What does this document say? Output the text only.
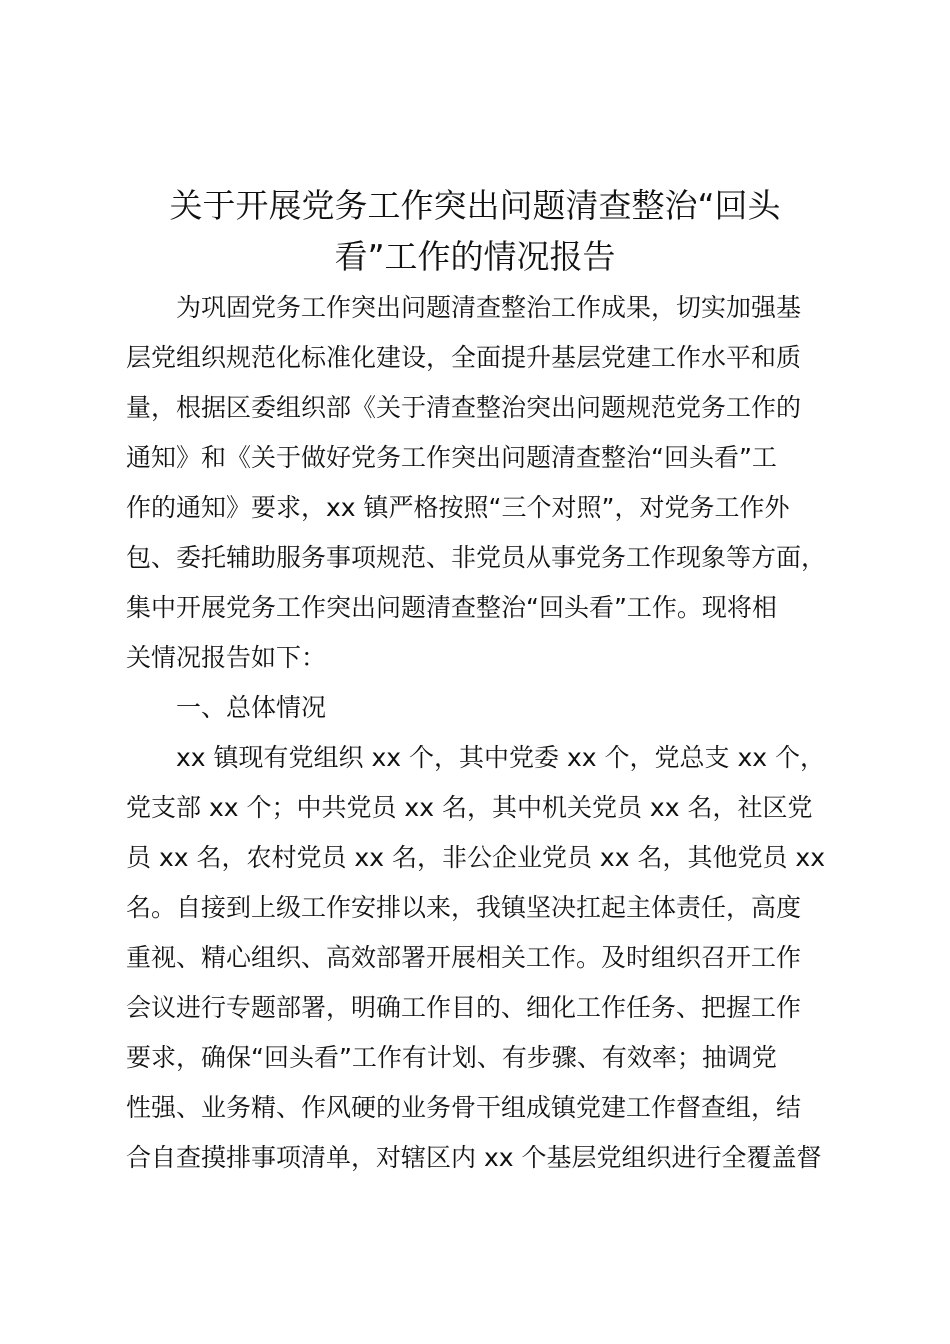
关于开展党务工作突出问题清查整治“回头
看”工作的情况报告
　　为巩固党务工作突出问题清查整治工作成果，切实加强基
层党组织规范化标准化建设，全面提升基层党建工作水平和质
量，根据区委组织部《关于清查整治突出问题规范党务工作的
通知》和《关于做好党务工作突出问题清查整治“回头看”工
作的通知》要求，xx 镇严格按照“三个对照”，对党务工作外
包、委托辅助服务事项规范、非党员从事党务工作现象等方面，
集中开展党务工作突出问题清查整治“回头看”工作。现将相
关情况报告如下：
　　一、总体情况
　　xx 镇现有党组织 xx 个，其中党委 xx 个，党总支 xx 个，
党支部 xx 个；中共党员 xx 名，其中机关党员 xx 名，社区党
员 xx 名，农村党员 xx 名，非公企业党员 xx 名，其他党员 xx
名。自接到上级工作安排以来，我镇坚决扛起主体责任，高度
重视、精心组织、高效部署开展相关工作。及时组织召开工作
会议进行专题部署，明确工作目的、细化工作任务、把握工作
要求，确保“回头看”工作有计划、有步骤、有效率；抽调党
性强、业务精、作风硬的业务骨干组成镇党建工作督查组，结
合自查摸排事项清单，对辖区内 xx 个基层党组织进行全覆盖督
